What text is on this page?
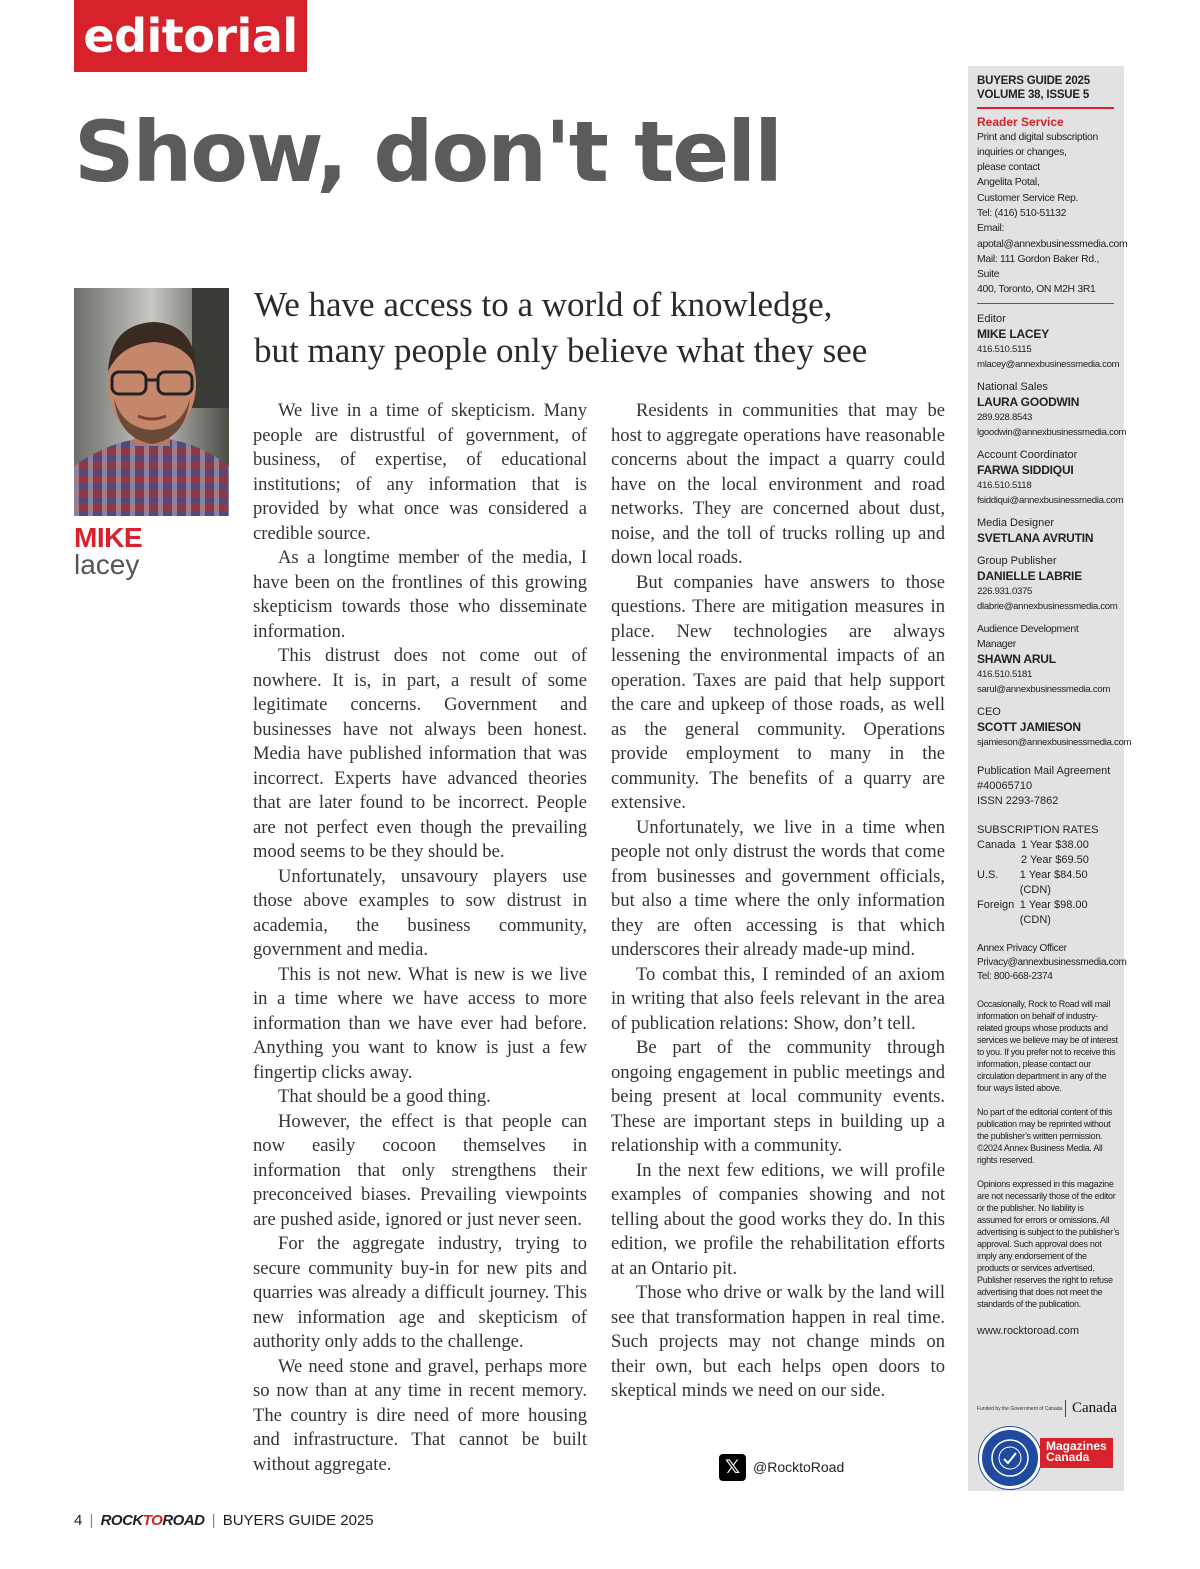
editorial
Show, don't tell
MIKE
lacey
We have access to a world of knowledge,
but many people only believe what they see

We live in a time of skepticism. Many people are distrustful of government, of business, of expertise, of educational institutions; of any information that is provided by what once was considered a credible source.

As a longtime member of the media, I have been on the frontlines of this growing skepticism towards those who disseminate information.

This distrust does not come out of nowhere. It is, in part, a result of some legitimate concerns. Government and businesses have not always been honest. Media have published information that was incorrect. Experts have advanced theories that are later found to be incorrect. People are not perfect even though the prevailing mood seems to be they should be.

Unfortunately, unsavoury players use those above examples to sow distrust in academia, the business community, government and media.

This is not new. What is new is we live in a time where we have access to more information than we have ever had before. Anything you want to know is just a few fingertip clicks away.

That should be a good thing.

However, the effect is that people can now easily cocoon themselves in information that only strengthens their preconceived biases. Prevailing viewpoints are pushed aside, ignored or just never seen.

For the aggregate industry, trying to secure community buy-in for new pits and quarries was already a difficult journey. This new information age and skepticism of authority only adds to the challenge.

We need stone and gravel, perhaps more so now than at any time in recent memory. The country is dire need of more housing and infrastructure. That cannot be built without aggregate.

Residents in communities that may be host to aggregate operations have reasonable concerns about the impact a quarry could have on the local environment and road networks. They are concerned about dust, noise, and the toll of trucks rolling up and down local roads.

But companies have answers to those questions. There are mitigation measures in place. New technologies are always lessening the environmental impacts of an operation. Taxes are paid that help support the care and upkeep of those roads, as well as the general community. Operations provide employment to many in the community. The benefits of a quarry are extensive.

Unfortunately, we live in a time when people not only distrust the words that come from businesses and government officials, but also a time where the only information they are often accessing is that which underscores their already made-up mind.

To combat this, I reminded of an axiom in writing that also feels relevant in the area of publication relations: Show, don’t tell.

Be part of the community through ongoing engagement in public meetings and being present at local community events. These are important steps in building up a relationship with a community.

In the next few editions, we will profile examples of companies showing and not telling about the good works they do. In this edition, we profile the rehabilitation efforts at an Ontario pit.

Those who drive or walk by the land will see that transformation happen in real time. Such projects may not change minds on their own, but each helps open doors to skeptical minds we need on our side.

𝕏 @RocktoRoad
4 | ROCKTOROAD | BUYERS GUIDE 2025
BUYERS GUIDE 2025
VOLUME 38, ISSUE 5
Reader Service
Print and digital subscription
inquiries or changes,
please contact
Angelita Potal,
Customer Service Rep.
Tel: (416) 510-51132
Email:
apotal@annexbusinessmedia.com
Mail: 111 Gordon Baker Rd., Suite
400, Toronto, ON M2H 3R1
Editor
MIKE LACEY
416.510.5115
mlacey@annexbusinessmedia.com
National Sales
LAURA GOODWIN
289.928.8543
lgoodwin@annexbusinessmedia.com
Account Coordinator
FARWA SIDDIQUI
416.510.5118
fsiddiqui@annexbusinessmedia.com
Media Designer
SVETLANA AVRUTIN
Group Publisher
DANIELLE LABRIE
226.931.0375
dlabrie@annexbusinessmedia.com
Audience Development Manager
SHAWN ARUL
416.510.5181
sarul@annexbusinessmedia.com
CEO
SCOTT JAMIESON
sjamieson@annexbusinessmedia.com
Publication Mail Agreement
#40065710
ISSN 2293-7862
SUBSCRIPTION RATES
Canada 1 Year $38.00
2 Year $69.50
U.S.	1 Year $84.50 (CDN)
Foreign 1 Year $98.00 (CDN)
Annex Privacy Officer
Privacy@annexbusinessmedia.com
Tel: 800-668-2374
Occasionally, Rock to Road will mail information on behalf of industry-related groups whose products and services we believe may be of interest to you. If you prefer not to receive this information, please contact our circulation department in any of the four ways listed above.
No part of the editorial content of this publication may be reprinted without the publisher’s written permission. ©2024 Annex Business Media. All rights reserved.
Opinions expressed in this magazine are not necessarily those of the editor or the publisher. No liability is assumed for errors or omissions. All advertising is subject to the publisher’s approval. Such approval does not imply any endorsement of the products or services advertised. Publisher reserves the right to refuse advertising that does not meet the standards of the publication.
www.rocktoroad.com
Funded by the Government of Canada Canada
Magazines Canada
